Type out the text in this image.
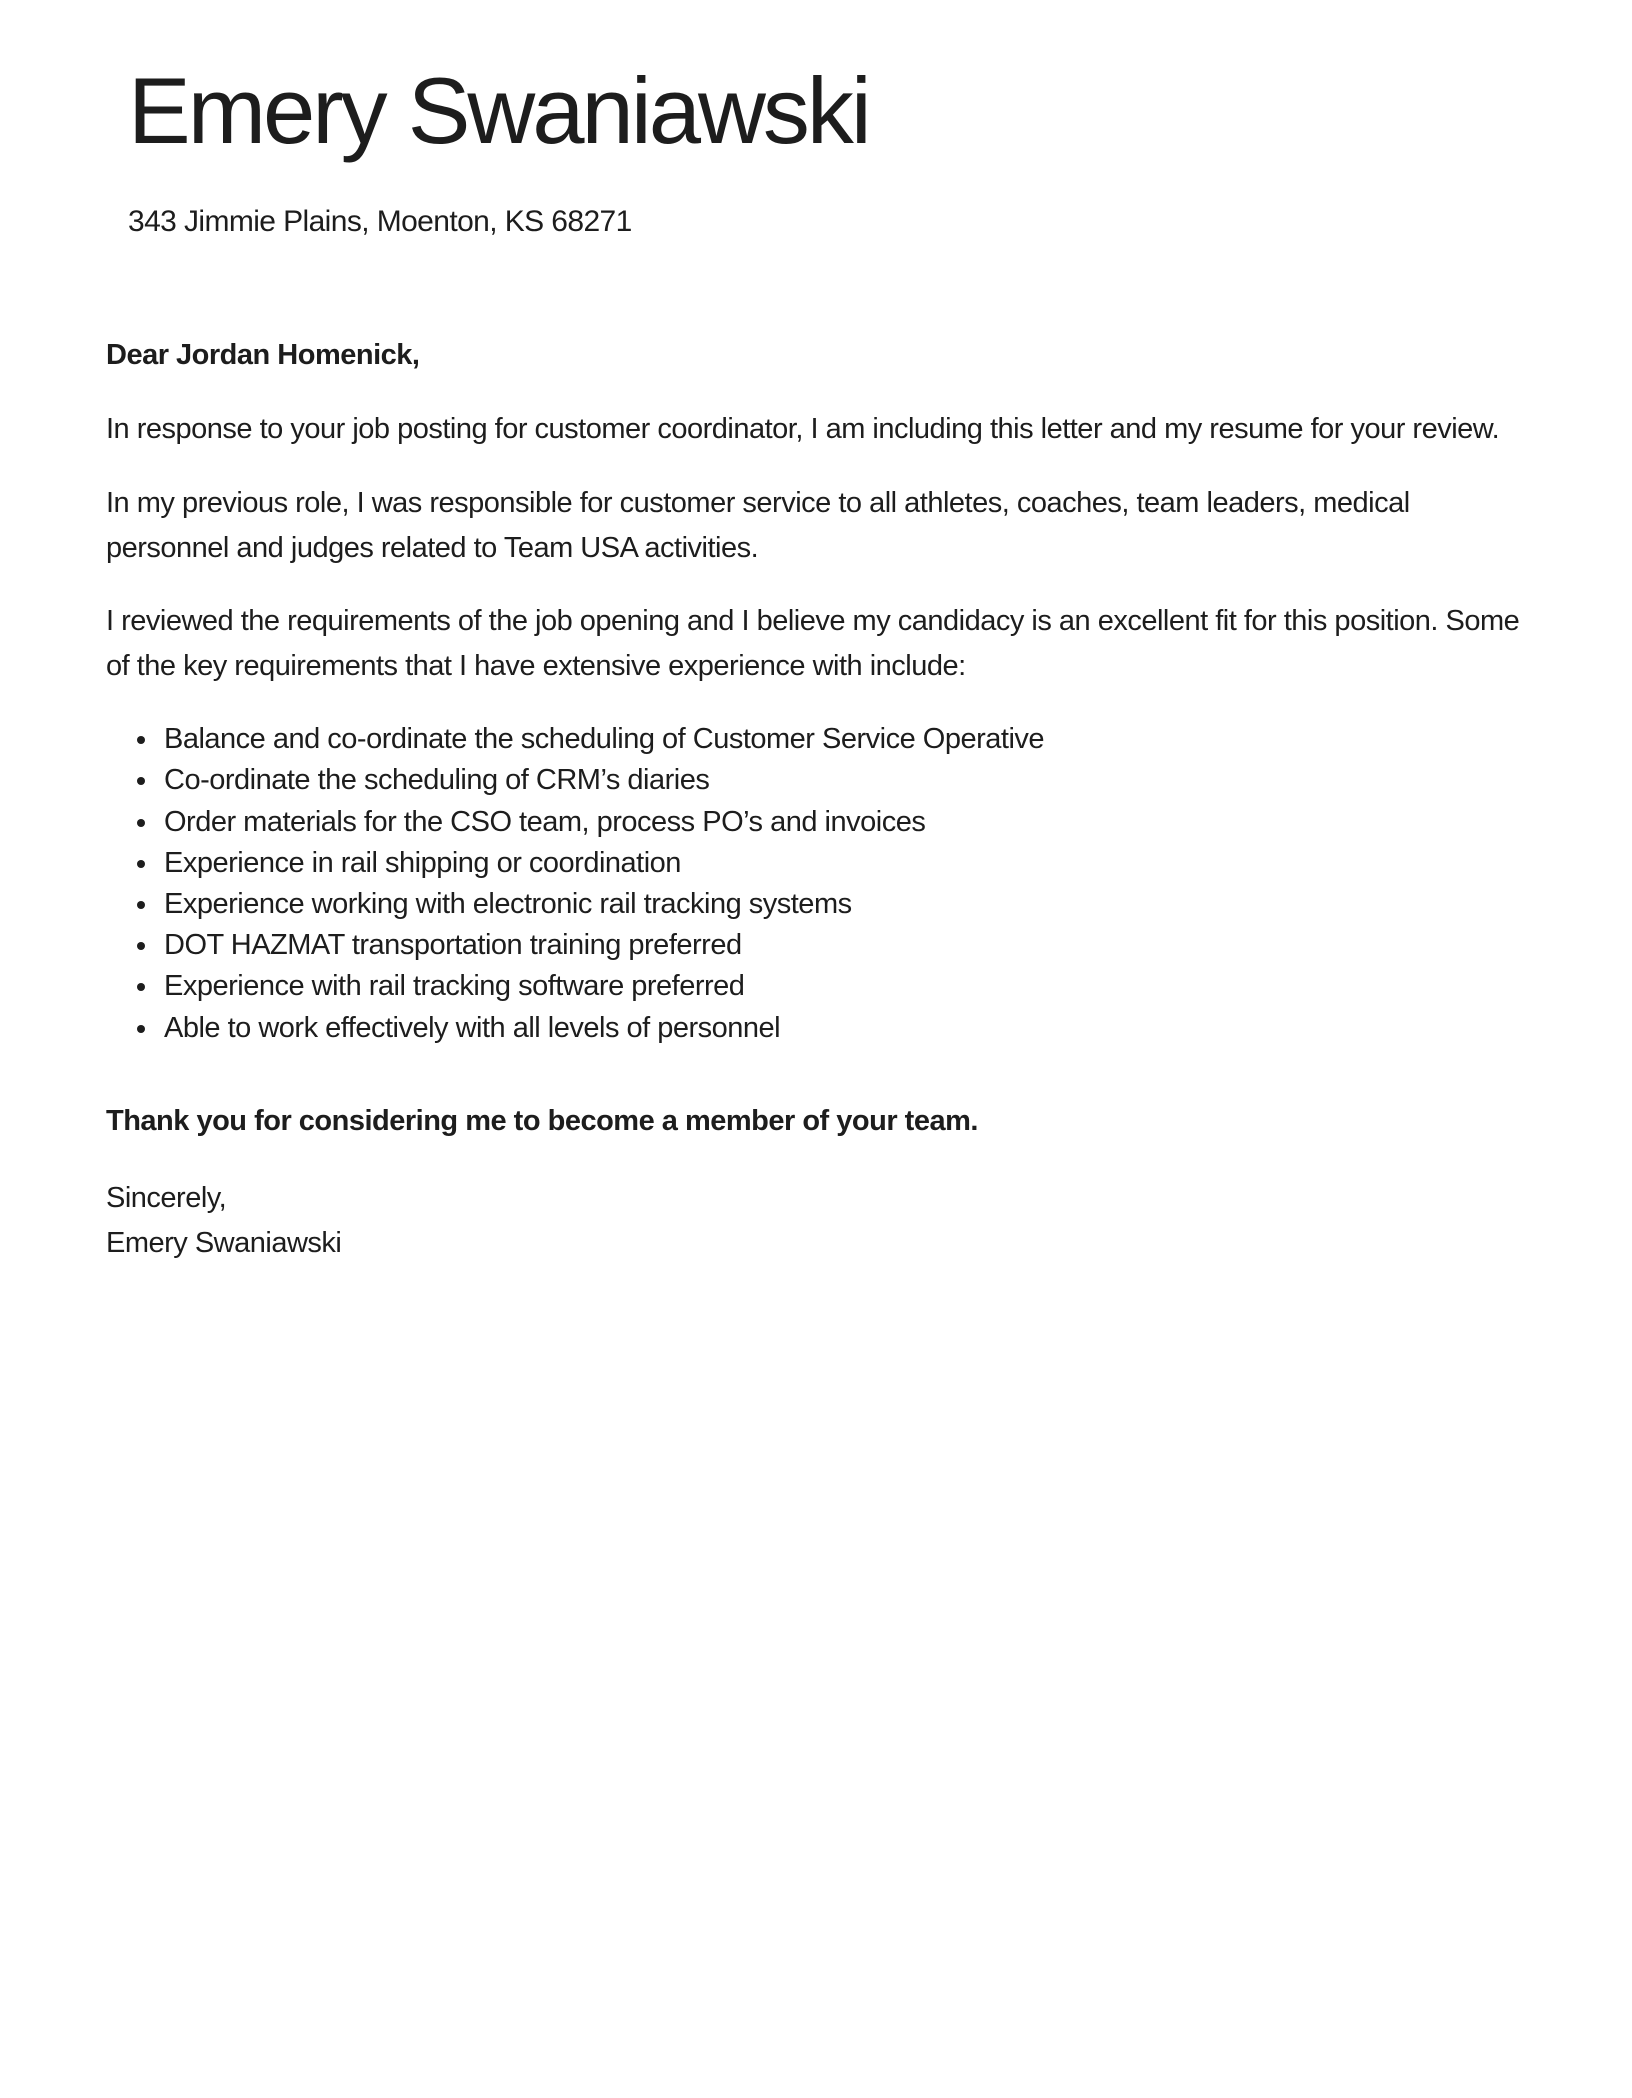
Emery Swaniawski
343 Jimmie Plains, Moenton, KS 68271

Dear Jordan Homenick,

In response to your job posting for customer coordinator, I am including this letter and my resume for your review.

In my previous role, I was responsible for customer service to all athletes, coaches, team leaders, medical personnel and judges related to Team USA activities.

I reviewed the requirements of the job opening and I believe my candidacy is an excellent fit for this position. Some of the key requirements that I have extensive experience with include:

• Balance and co-ordinate the scheduling of Customer Service Operative
• Co-ordinate the scheduling of CRM’s diaries
• Order materials for the CSO team, process PO’s and invoices
• Experience in rail shipping or coordination
• Experience working with electronic rail tracking systems
• DOT HAZMAT transportation training preferred
• Experience with rail tracking software preferred
• Able to work effectively with all levels of personnel

Thank you for considering me to become a member of your team.

Sincerely,
Emery Swaniawski
